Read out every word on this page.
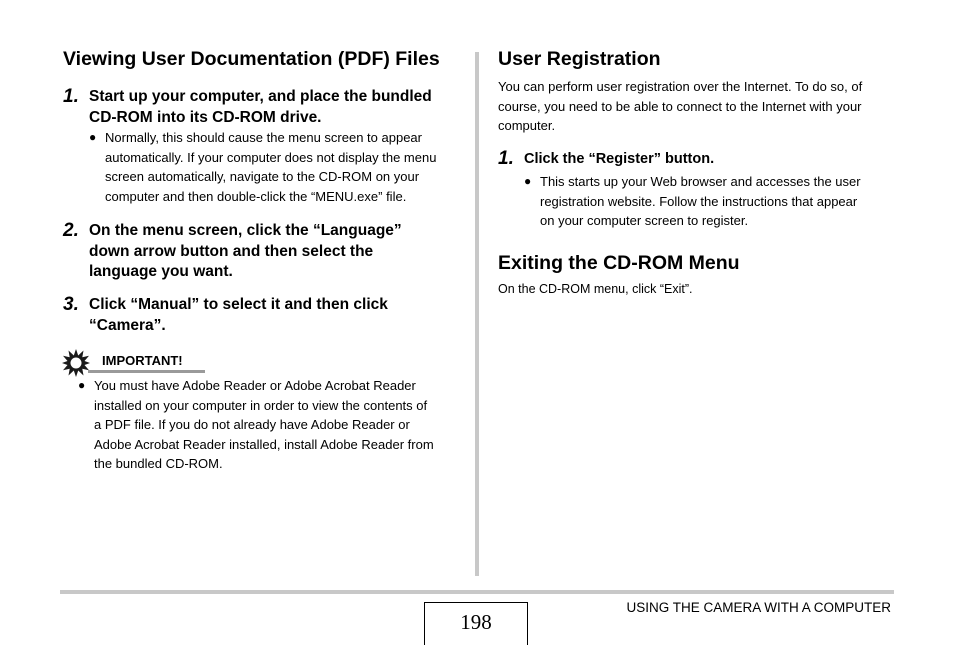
Viewing User Documentation (PDF) Files
1. Start up your computer, and place the bundled
CD-ROM into its CD-ROM drive.
● Normally, this should cause the menu screen to appear
automatically. If your computer does not display the menu
screen automatically, navigate to the CD-ROM on your
computer and then double-click the “MENU.exe” file.
2. On the menu screen, click the “Language”
down arrow button and then select the
language you want.
3. Click “Manual” to select it and then click
“Camera”.
IMPORTANT!
● You must have Adobe Reader or Adobe Acrobat Reader
installed on your computer in order to view the contents of
a PDF file. If you do not already have Adobe Reader or
Adobe Acrobat Reader installed, install Adobe Reader from
the bundled CD-ROM.
User Registration
You can perform user registration over the Internet. To do so, of
course, you need to be able to connect to the Internet with your
computer.
1. Click the “Register” button.
● This starts up your Web browser and accesses the user
registration website. Follow the instructions that appear
on your computer screen to register.
Exiting the CD-ROM Menu
On the CD-ROM menu, click “Exit”.
198
USING THE CAMERA WITH A COMPUTER
